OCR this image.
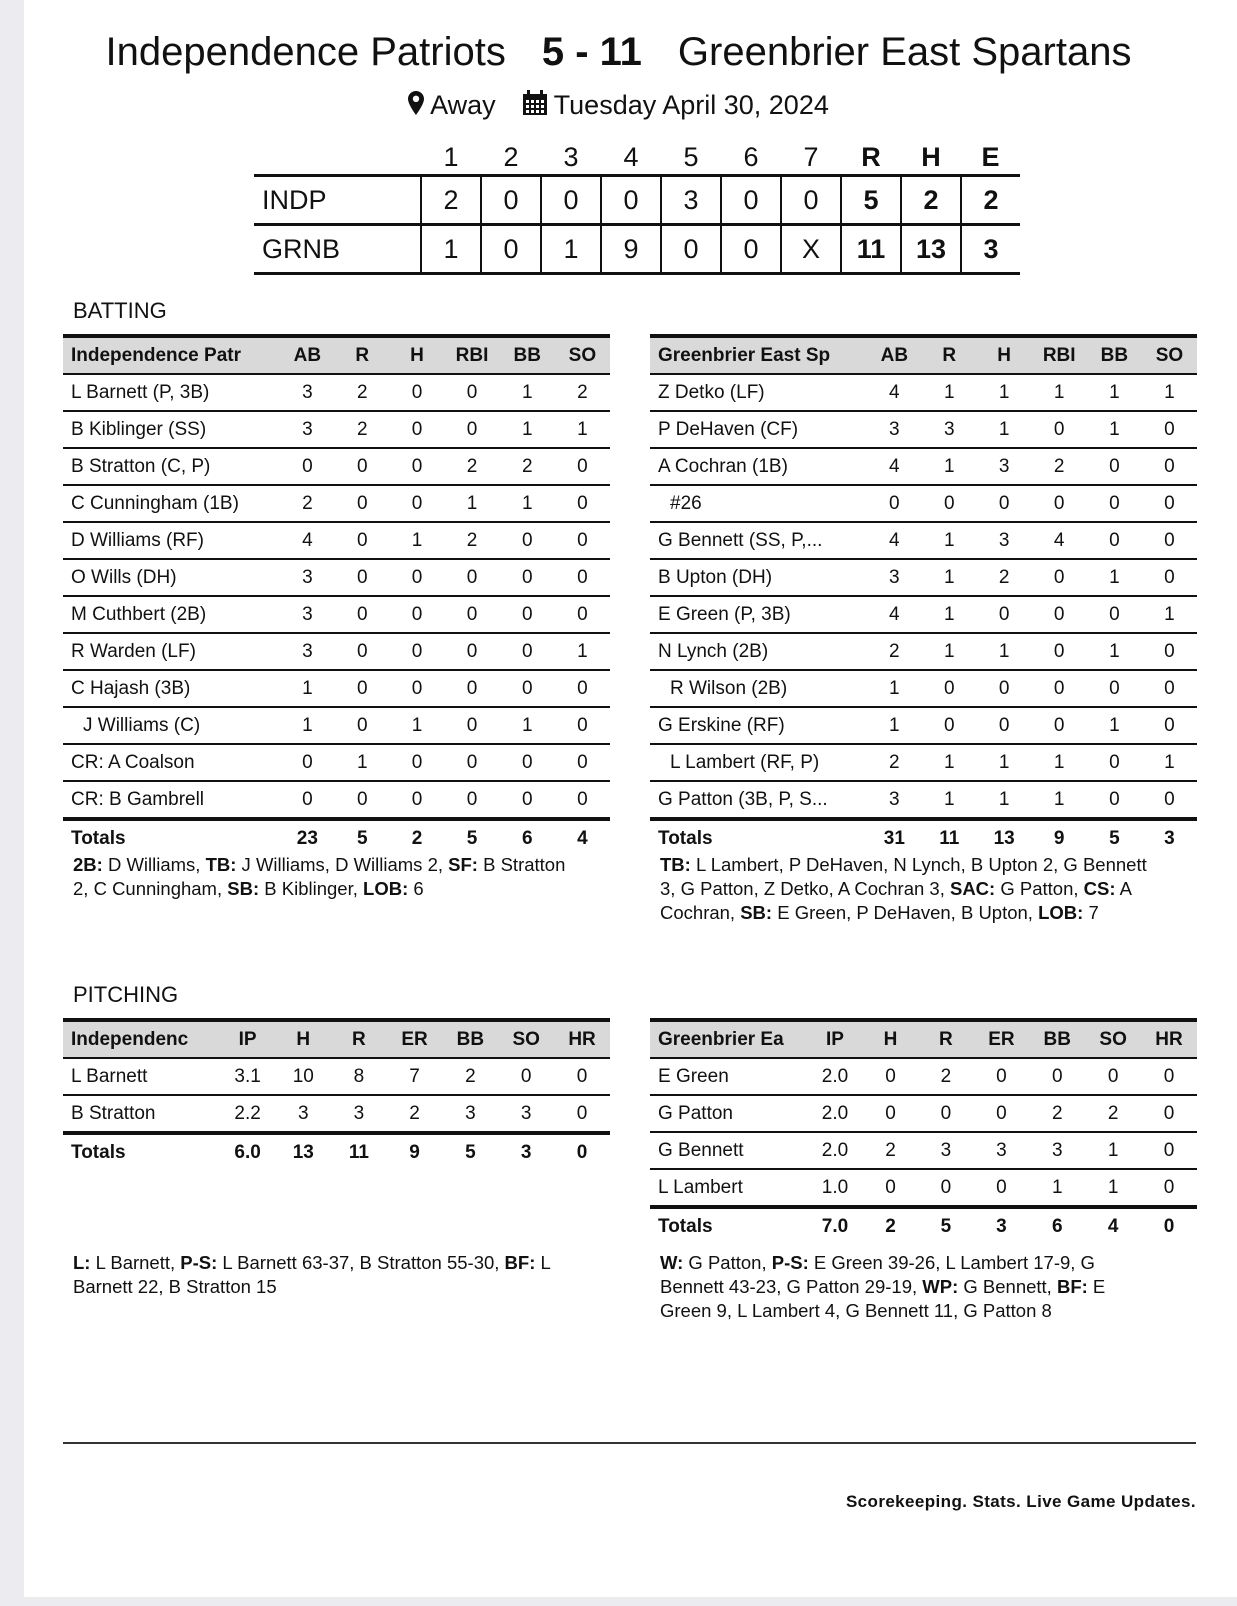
Independence Patriots 5 - 11 Greenbrier East Spartans
Away Tuesday April 30, 2024
	1	2	3	4	5	6	7	R	H	E
INDP	2	0	0	0	3	0	0	5	2	2
GRNB	1	0	1	9	0	0	X	11	13	3
BATTING
Independence Patr	AB	R	H	RBI	BB	SO
L Barnett (P, 3B)	3	2	0	0	1	2
B Kiblinger (SS)	3	2	0	0	1	1
B Stratton (C, P)	0	0	0	2	2	0
C Cunningham (1B)	2	0	0	1	1	0
D Williams (RF)	4	0	1	2	0	0
O Wills (DH)	3	0	0	0	0	0
M Cuthbert (2B)	3	0	0	0	0	0
R Warden (LF)	3	0	0	0	0	1
C Hajash (3B)	1	0	0	0	0	0
J Williams (C)	1	0	1	0	1	0
CR: A Coalson	0	1	0	0	0	0
CR: B Gambrell	0	0	0	0	0	0
Totals	23	5	2	5	6	4
Greenbrier East Sp	AB	R	H	RBI	BB	SO
Z Detko (LF)	4	1	1	1	1	1
P DeHaven (CF)	3	3	1	0	1	0
A Cochran (1B)	4	1	3	2	0	0
#26	0	0	0	0	0	0
G Bennett (SS, P,...	4	1	3	4	0	0
B Upton (DH)	3	1	2	0	1	0
E Green (P, 3B)	4	1	0	0	0	1
N Lynch (2B)	2	1	1	0	1	0
R Wilson (2B)	1	0	0	0	0	0
G Erskine (RF)	1	0	0	0	1	0
L Lambert (RF, P)	2	1	1	1	0	1
G Patton (3B, P, S...	3	1	1	1	0	0
Totals	31	11	13	9	5	3
2B: D Williams, TB: J Williams, D Williams 2, SF: B Stratton 2, C Cunningham, SB: B Kiblinger, LOB: 6
TB: L Lambert, P DeHaven, N Lynch, B Upton 2, G Bennett 3, G Patton, Z Detko, A Cochran 3, SAC: G Patton, CS: A Cochran, SB: E Green, P DeHaven, B Upton, LOB: 7
PITCHING
Independenc	IP	H	R	ER	BB	SO	HR
L Barnett	3.1	10	8	7	2	0	0
B Stratton	2.2	3	3	2	3	3	0
Totals	6.0	13	11	9	5	3	0
Greenbrier Ea	IP	H	R	ER	BB	SO	HR
E Green	2.0	0	2	0	0	0	0
G Patton	2.0	0	0	0	2	2	0
G Bennett	2.0	2	3	3	3	1	0
L Lambert	1.0	0	0	0	1	1	0
Totals	7.0	2	5	3	6	4	0
L: L Barnett, P-S: L Barnett 63-37, B Stratton 55-30, BF: L Barnett 22, B Stratton 15
W: G Patton, P-S: E Green 39-26, L Lambert 17-9, G Bennett 43-23, G Patton 29-19, WP: G Bennett, BF: E Green 9, L Lambert 4, G Bennett 11, G Patton 8
Scorekeeping. Stats. Live Game Updates.
